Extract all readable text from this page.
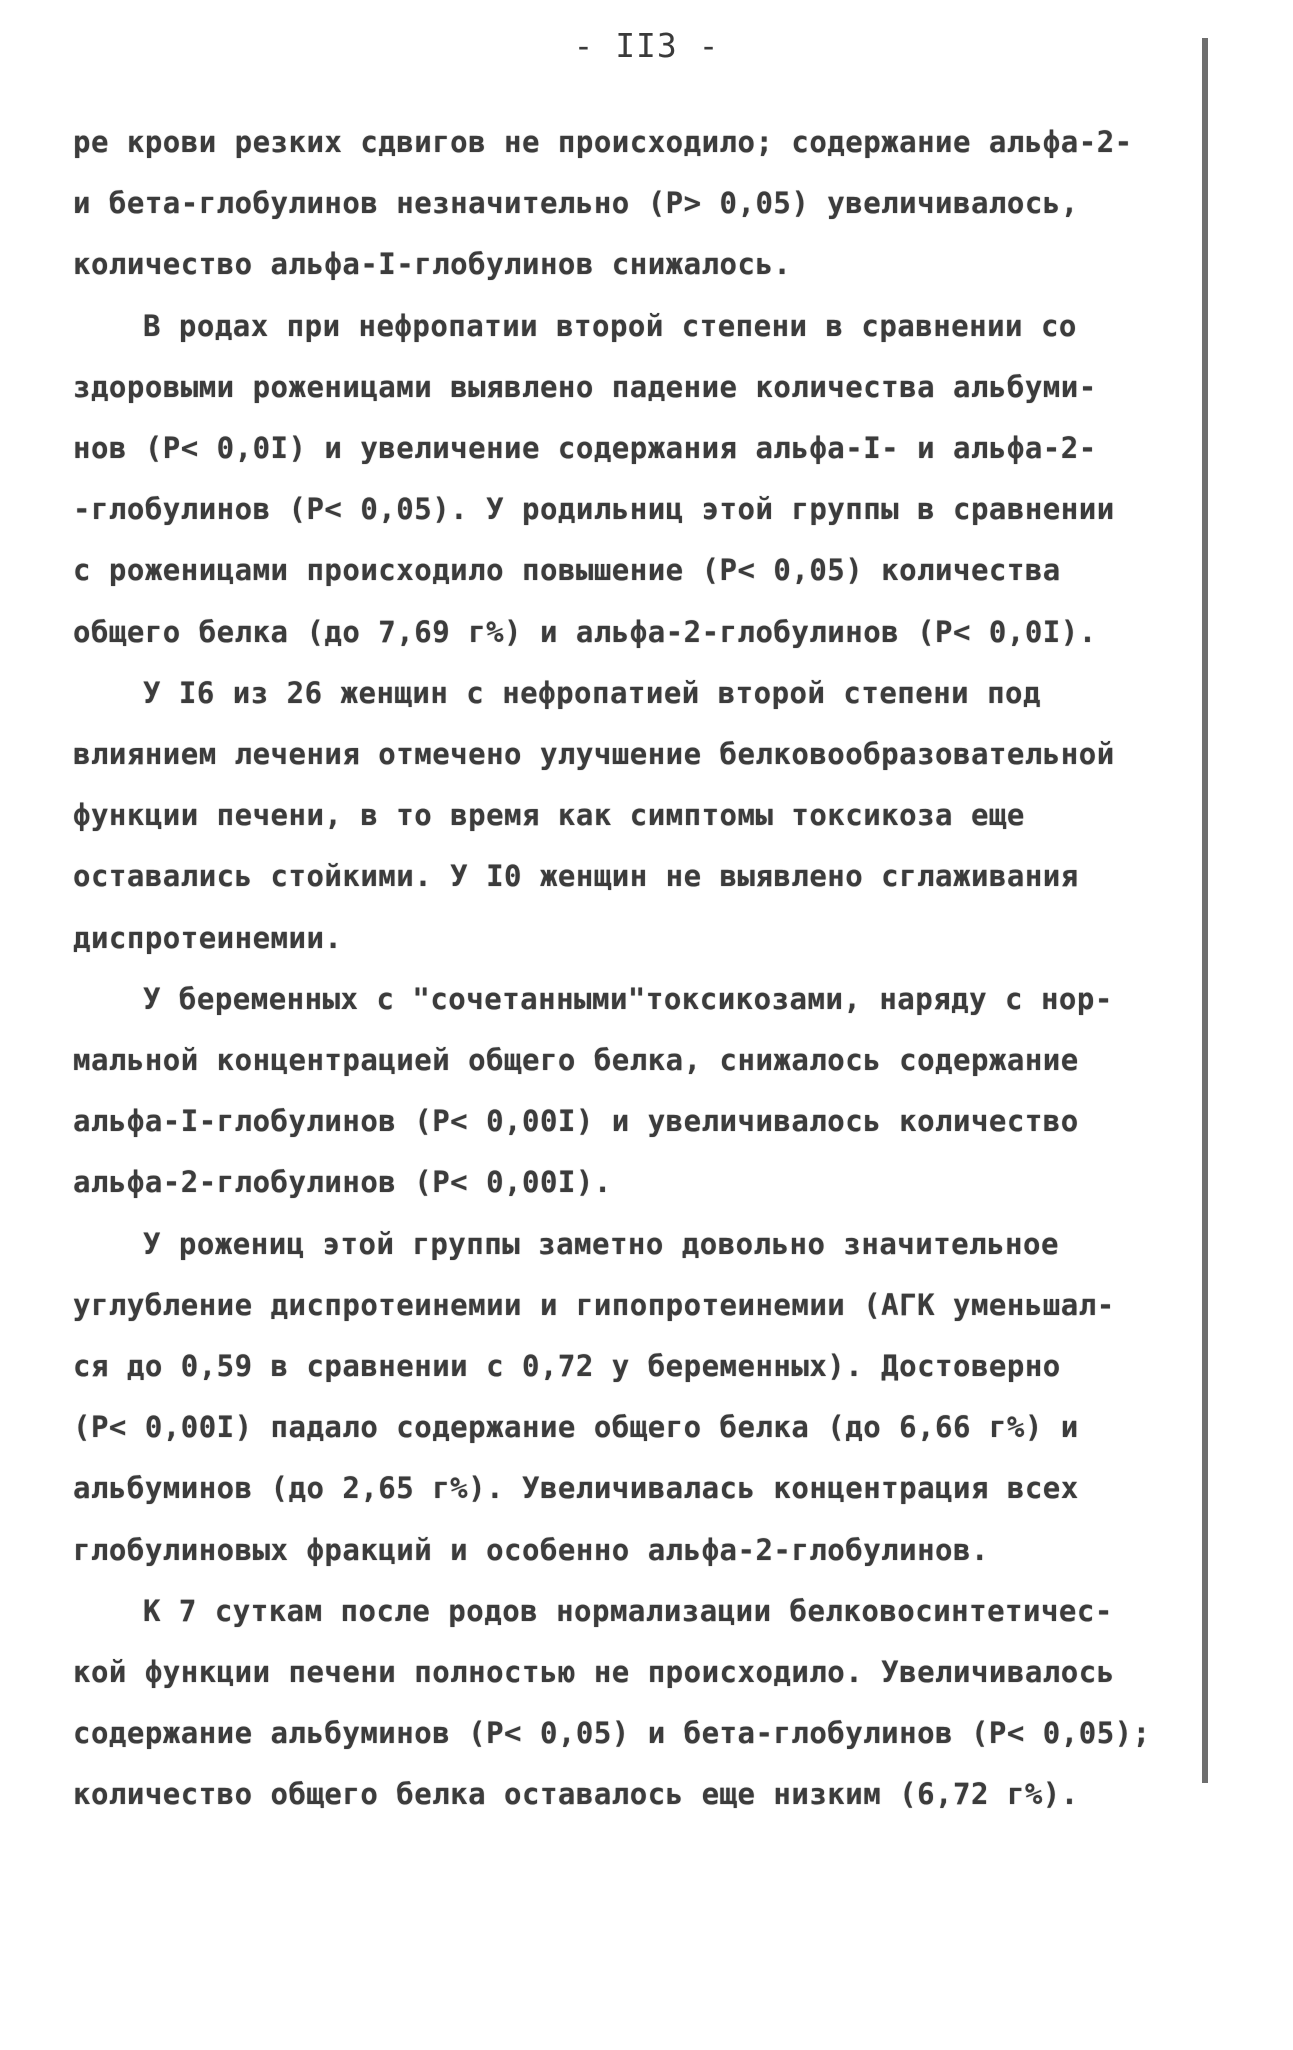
- II3 -
ре крови резких сдвигов не происходило; содержание альфа-2-
и бета-глобулинов незначительно (Р> 0,05) увеличивалось,
количество альфа-I-глобулинов снижалось.
В родах при нефропатии второй степени в сравнении со
здоровыми роженицами выявлено падение количества альбуми-
нов (Р< 0,0I) и увеличение содержания альфа-I- и альфа-2-
-глобулинов (Р< 0,05). У родильниц этой группы в сравнении
с роженицами происходило повышение (Р< 0,05) количества
общего белка (до 7,69 г%) и альфа-2-глобулинов (Р< 0,0I).
У I6 из 26 женщин с нефропатией второй степени под
влиянием лечения отмечено улучшение белковообразовательной
функции печени, в то время как симптомы токсикоза еще
оставались стойкими. У I0 женщин не выявлено сглаживания
диспротеинемии.
У беременных с "сочетанными"токсикозами, наряду с нор-
мальной концентрацией общего белка, снижалось содержание
альфа-I-глобулинов (Р< 0,00I) и увеличивалось количество
альфа-2-глобулинов (Р< 0,00I).
У рожениц этой группы заметно довольно значительное
углубление диспротеинемии и гипопротеинемии (АГК уменьшал-
ся до 0,59 в сравнении с 0,72 у беременных). Достоверно
(Р< 0,00I) падало содержание общего белка (до 6,66 г%) и
альбуминов (до 2,65 г%). Увеличивалась концентрация всех
глобулиновых фракций и особенно альфа-2-глобулинов.
К 7 суткам после родов нормализации белковосинтетичес-
кой функции печени полностью не происходило. Увеличивалось
содержание альбуминов (Р< 0,05) и бета-глобулинов (Р< 0,05);
количество общего белка оставалось еще низким (6,72 г%).
